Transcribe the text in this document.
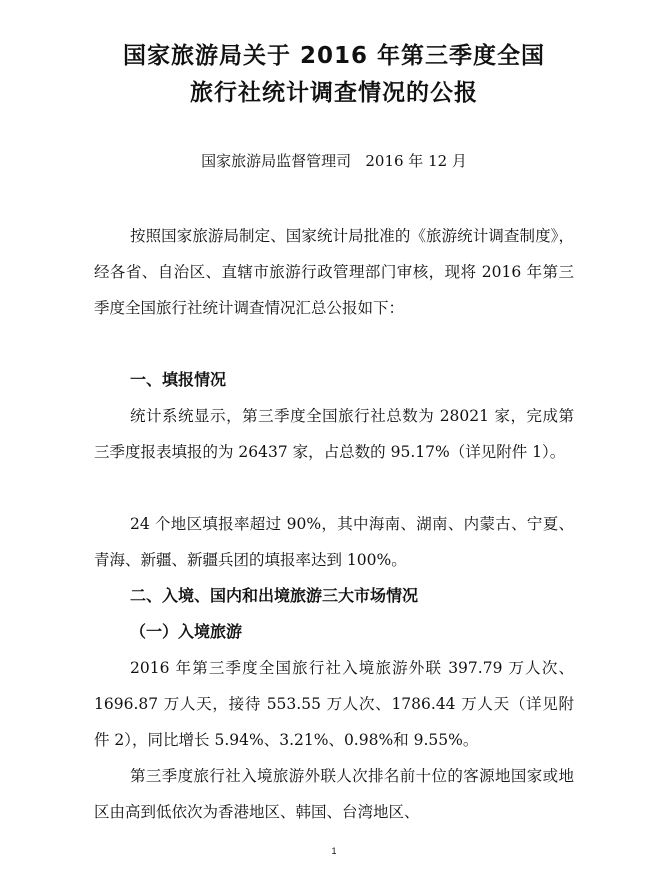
国家旅游局关于 2016 年第三季度全国
旅行社统计调查情况的公报
国家旅游局监督管理司   2016 年 12 月
按照国家旅游局制定、国家统计局批准的《旅游统计调查制度》，经各省、自治区、直辖市旅游行政管理部门审核，现将 2016 年第三季度全国旅行社统计调查情况汇总公报如下：
一、填报情况
统计系统显示，第三季度全国旅行社总数为 28021 家，完成第三季度报表填报的为 26437 家，占总数的 95.17%（详见附件 1）。
24 个地区填报率超过 90%，其中海南、湖南、内蒙古、宁夏、青海、新疆、新疆兵团的填报率达到 100%。
二、入境、国内和出境旅游三大市场情况
（一）入境旅游
2016 年第三季度全国旅行社入境旅游外联 397.79 万人次、1696.87 万人天，接待 553.55 万人次、1786.44 万人天（详见附件 2），同比增长 5.94%、3.21%、0.98%和 9.55%。
第三季度旅行社入境旅游外联人次排名前十位的客源地国家或地区由高到低依次为香港地区、韩国、台湾地区、
1
